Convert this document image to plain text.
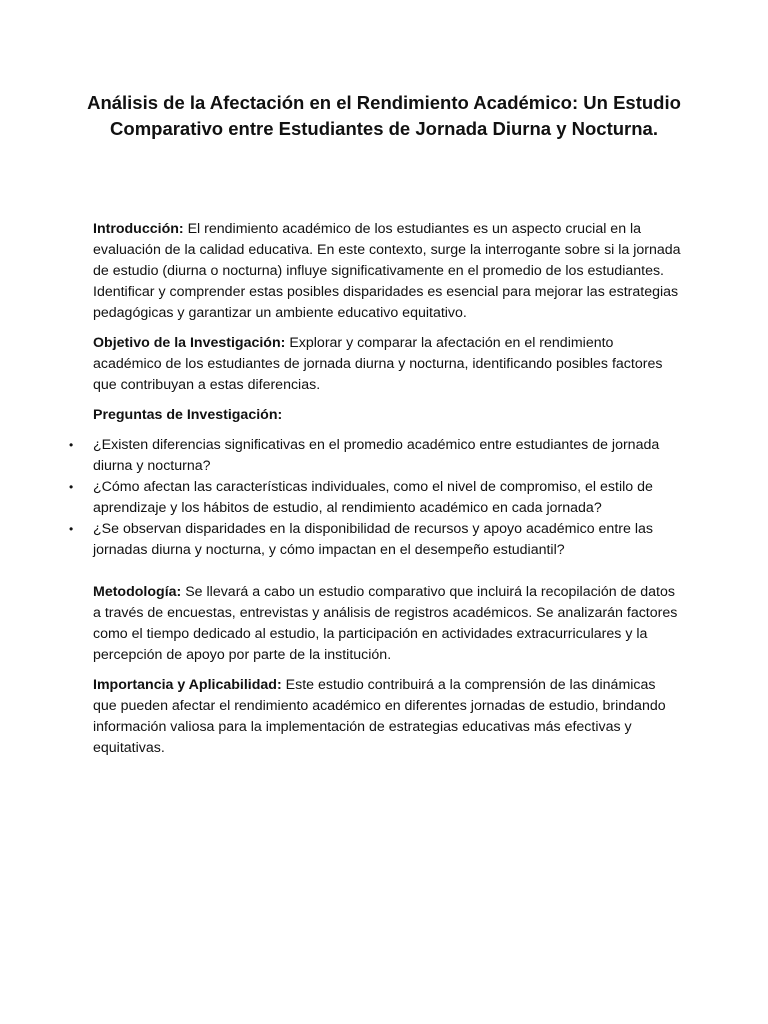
Análisis de la Afectación en el Rendimiento Académico: Un Estudio Comparativo entre Estudiantes de Jornada Diurna y Nocturna.

Introducción: El rendimiento académico de los estudiantes es un aspecto crucial en la evaluación de la calidad educativa. En este contexto, surge la interrogante sobre si la jornada de estudio (diurna o nocturna) influye significativamente en el promedio de los estudiantes. Identificar y comprender estas posibles disparidades es esencial para mejorar las estrategias pedagógicas y garantizar un ambiente educativo equitativo.

Objetivo de la Investigación: Explorar y comparar la afectación en el rendimiento académico de los estudiantes de jornada diurna y nocturna, identificando posibles factores que contribuyan a estas diferencias.

Preguntas de Investigación:

• ¿Existen diferencias significativas en el promedio académico entre estudiantes de jornada diurna y nocturna?
• ¿Cómo afectan las características individuales, como el nivel de compromiso, el estilo de aprendizaje y los hábitos de estudio, al rendimiento académico en cada jornada?
• ¿Se observan disparidades en la disponibilidad de recursos y apoyo académico entre las jornadas diurna y nocturna, y cómo impactan en el desempeño estudiantil?

Metodología: Se llevará a cabo un estudio comparativo que incluirá la recopilación de datos a través de encuestas, entrevistas y análisis de registros académicos. Se analizarán factores como el tiempo dedicado al estudio, la participación en actividades extracurriculares y la percepción de apoyo por parte de la institución.

Importancia y Aplicabilidad: Este estudio contribuirá a la comprensión de las dinámicas que pueden afectar el rendimiento académico en diferentes jornadas de estudio, brindando información valiosa para la implementación de estrategias educativas más efectivas y equitativas.
